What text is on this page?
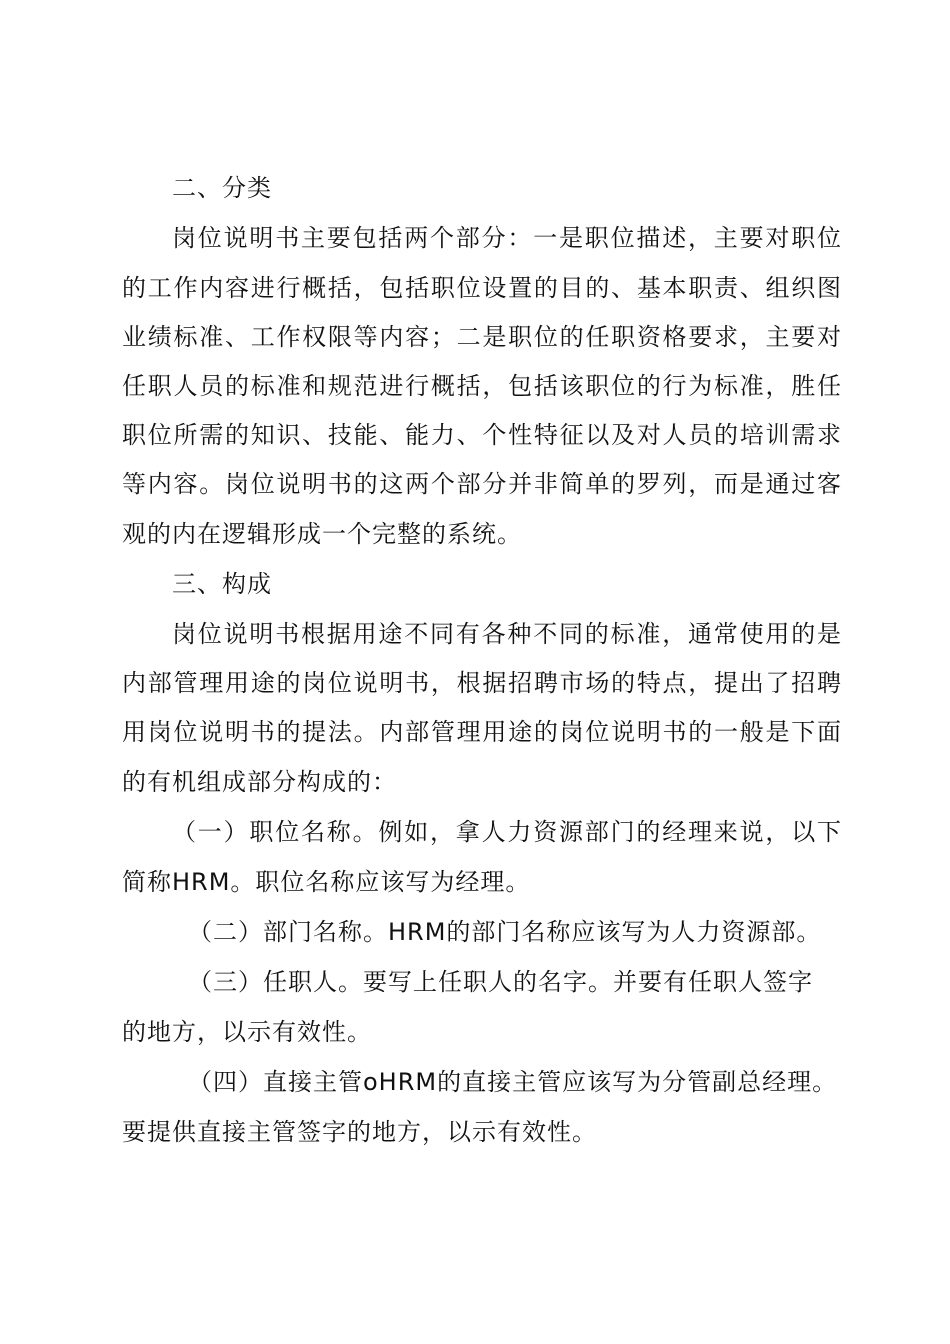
二、分类
岗位说明书主要包括两个部分：一是职位描述，主要对职位
的工作内容进行概括，包括职位设置的目的、基本职责、组织图
业绩标准、工作权限等内容；二是职位的任职资格要求，主要对
任职人员的标准和规范进行概括，包括该职位的行为标准，胜任
职位所需的知识、技能、能力、个性特征以及对人员的培训需求
等内容。岗位说明书的这两个部分并非简单的罗列，而是通过客
观的内在逻辑形成一个完整的系统。
三、构成
岗位说明书根据用途不同有各种不同的标准，通常使用的是
内部管理用途的岗位说明书，根据招聘市场的特点，提出了招聘
用岗位说明书的提法。内部管理用途的岗位说明书的一般是下面
的有机组成部分构成的：
（一）职位名称。例如，拿人力资源部门的经理来说，以下
简称HRM。职位名称应该写为经理。
（二）部门名称。HRM的部门名称应该写为人力资源部。
（三）任职人。要写上任职人的名字。并要有任职人签字
的地方，以示有效性。
（四）直接主管oHRM的直接主管应该写为分管副总经理。
要提供直接主管签字的地方，以示有效性。
